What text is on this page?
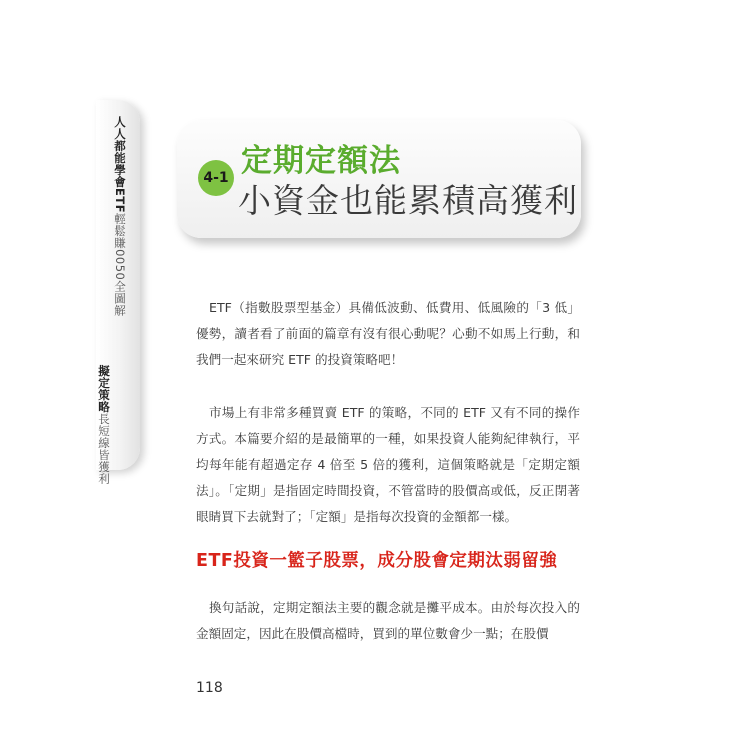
人人都能學會ETF輕鬆賺0050全圖解
擬定策略長短線皆獲利
4-1 定期定額法
小資金也能累積高獲利
ETF（指數股票型基金）具備低波動、低費用、低風險的「3 低」優勢，讀者看了前面的篇章有沒有很心動呢？心動不如馬上行動，和我們一起來研究 ETF 的投資策略吧！
市場上有非常多種買賣 ETF 的策略，不同的 ETF 又有不同的操作方式。本篇要介紹的是最簡單的一種，如果投資人能夠紀律執行，平均每年能有超過定存 4 倍至 5 倍的獲利，這個策略就是「定期定額法」。「定期」是指固定時間投資，不管當時的股價高或低，反正閉著眼睛買下去就對了；「定額」是指每次投資的金額都一樣。
ETF投資一籃子股票，成分股會定期汰弱留強
換句話說，定期定額法主要的觀念就是攤平成本。由於每次投入的金額固定，因此在股價高檔時，買到的單位數會少一點；在股價
118
